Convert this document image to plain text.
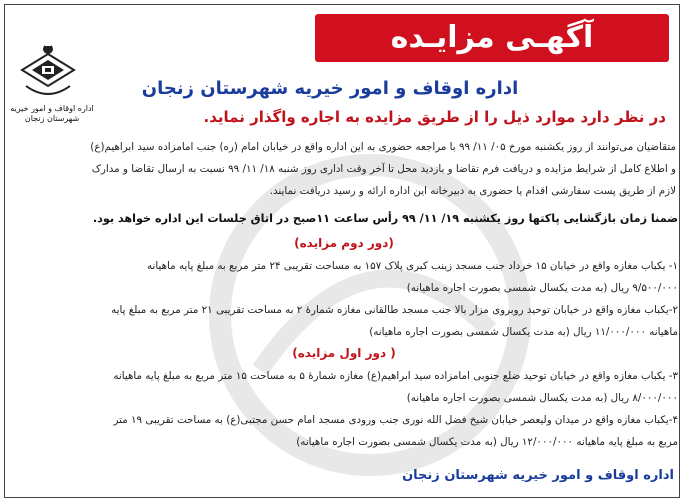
آگهـی مزایـده
اداره اوقاف و امور خیریه
شهرستان زنجان
اداره اوقاف و امور خیریه شهرستان زنجان
در نظر دارد موارد ذیل را از طریق مزایده به اجاره واگذار نماید.
متقاضیان می‌توانند از روز یکشنبه مورخ ۰۵/ ۱۱/ ۹۹ با مراجعه حضوری به این اداره واقع در خیابان امام (ره) جنب امامزاده سید ابراهیم(ع)
و اطلاع کامل از شرایط مزایده و دریافت فرم تقاضا و بازدید محل تا آخر وقت اداری روز شنبه ۱۸/ ۱۱/ ۹۹ نسبت به ارسال تقاضا و مدارک
لازم از طریق پست سفارشی اقدام یا حضوری به دبیرخانه این اداره ارائه و رسید دریافت نمایند.
ضمنا زمان بازگشایی پاکتها روز یکشنبه ۱۹/ ۱۱/ ۹۹ رأس ساعت ۱۱صبح در اتاق جلسات این اداره خواهد بود.
(دور دوم مزایده)
۱- یکباب مغازه واقع در خیابان ۱۵ خرداد جنب مسجد زینب کبری پلاک ۱۵۷ به مساحت تقریبی ۲۴ متر مربع به مبلغ پایه ماهیانه
۹/۵۰۰/۰۰۰ ریال (به مدت یکسال شمسی بصورت اجاره ماهیانه)
۲-یکباب مغازه واقع در خیابان توحید روبروی مزار بالا جنب مسجد طالقانی مغازه شمارهٔ ۲ به مساحت تقریبی ۲۱ متر مربع به مبلغ پایه
ماهیانه ۱۱/۰۰۰/۰۰۰ ریال (به مدت یکسال شمسی بصورت اجاره ماهیانه)
( دور اول مزایده)
۳- یکباب مغازه واقع در خیابان توحید ضلع جنوبی امامزاده سید ابراهیم(ع) مغازه شمارهٔ ۵ به مساحت ۱۵ متر مربع به مبلغ پایه ماهیانه
۸/۰۰۰/۰۰۰ ریال (به مدت یکسال شمسی بصورت اجاره ماهیانه)
۴-یکباب مغازه واقع در میدان ولیعصر خیابان شیخ فضل الله نوری جنب ورودی مسجد امام حسن مجتبی(ع) به مساحت تقریبی ۱۹ متر
مربع به مبلغ پایه ماهیانه ۱۲/۰۰۰/۰۰۰ ریال (به مدت یکسال شمسی بصورت اجاره ماهیانه)
اداره اوقاف و امور خیریه شهرستان زنجان
